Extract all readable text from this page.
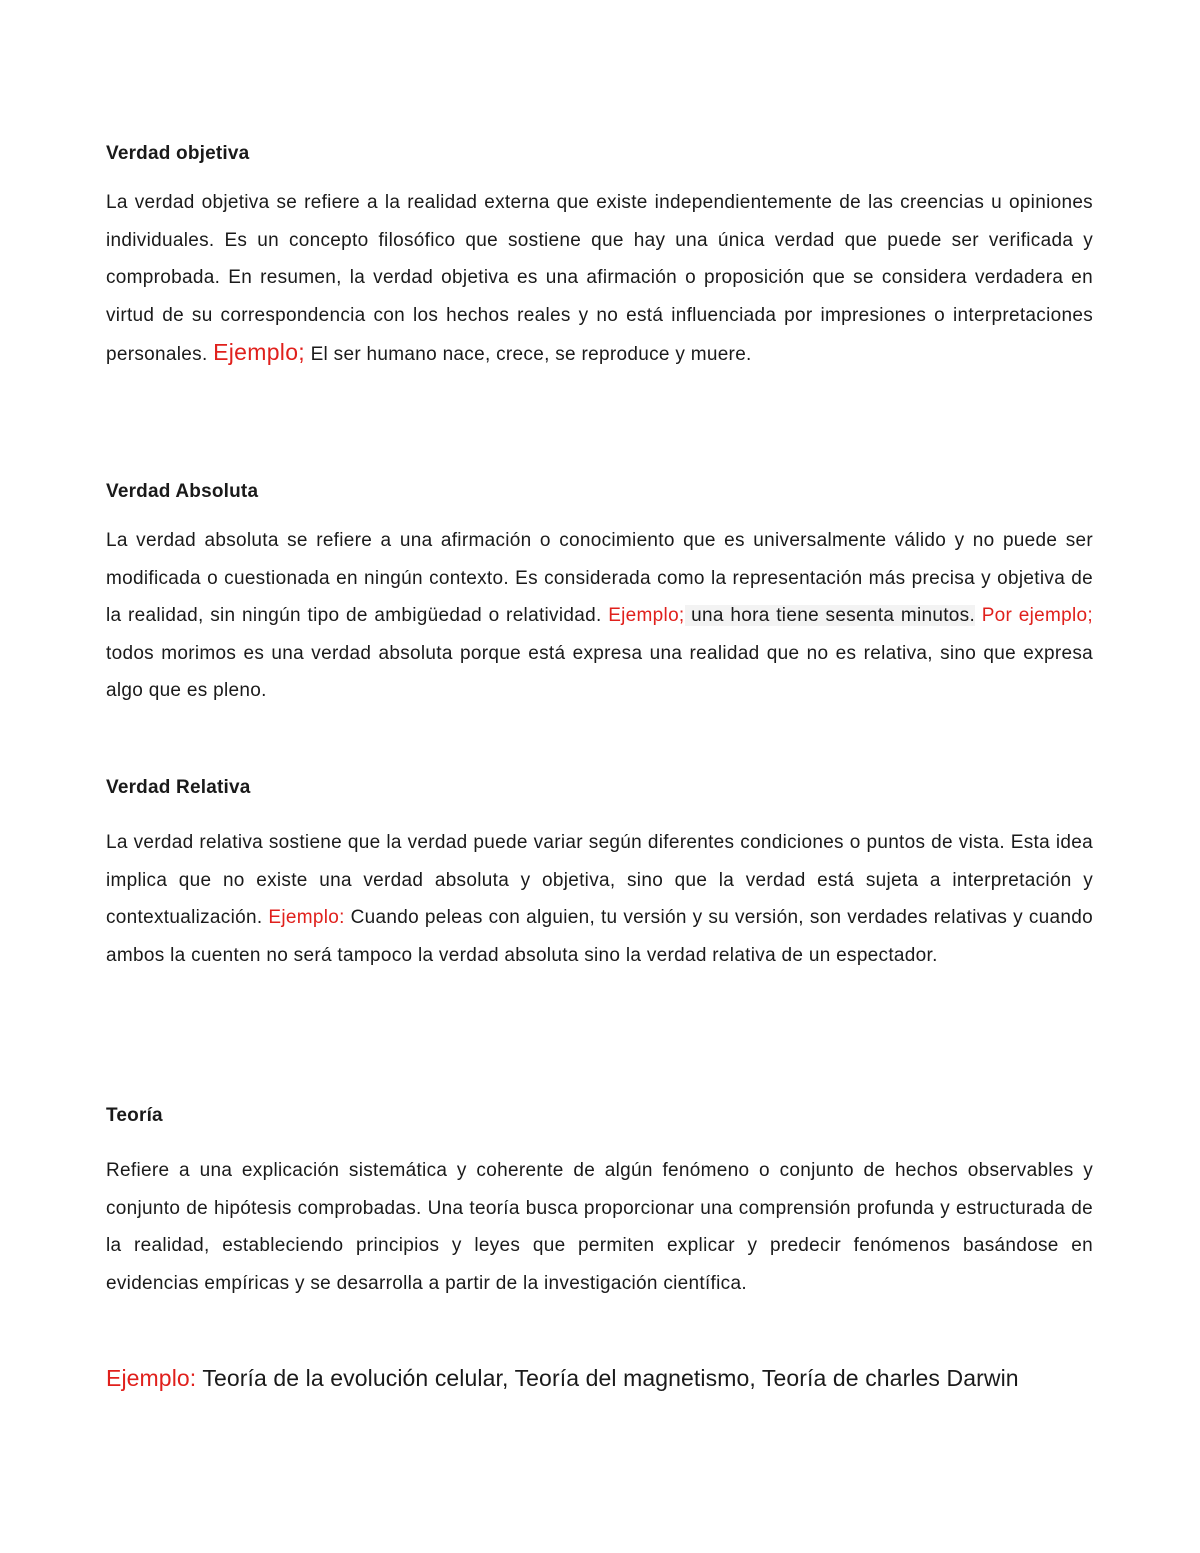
Verdad objetiva

La verdad objetiva se refiere a la realidad externa que existe independientemente de las creencias u opiniones individuales. Es un concepto filosófico que sostiene que hay una única verdad que puede ser verificada y comprobada. En resumen, la verdad objetiva es una afirmación o proposición que se considera verdadera en virtud de su correspondencia con los hechos reales y no está influenciada por impresiones o interpretaciones personales. Ejemplo; El ser humano nace, crece, se reproduce y muere.

Verdad Absoluta

La verdad absoluta se refiere a una afirmación o conocimiento que es universalmente válido y no puede ser modificada o cuestionada en ningún contexto. Es considerada como la representación más precisa y objetiva de la realidad, sin ningún tipo de ambigüedad o relatividad. Ejemplo; una hora tiene sesenta minutos. Por ejemplo; todos morimos es una verdad absoluta porque está expresa una realidad que no es relativa, sino que expresa algo que es pleno.

Verdad Relativa

La verdad relativa sostiene que la verdad puede variar según diferentes condiciones o puntos de vista. Esta idea implica que no existe una verdad absoluta y objetiva, sino que la verdad está sujeta a interpretación y contextualización. Ejemplo: Cuando peleas con alguien, tu versión y su versión, son verdades relativas y cuando ambos la cuenten no será tampoco la verdad absoluta sino la verdad relativa de un espectador.

Teoría

Refiere a una explicación sistemática y coherente de algún fenómeno o conjunto de hechos observables y conjunto de hipótesis comprobadas. Una teoría busca proporcionar una comprensión profunda y estructurada de la realidad, estableciendo principios y leyes que permiten explicar y predecir fenómenos basándose en evidencias empíricas y se desarrolla a partir de la investigación científica.

Ejemplo: Teoría de la evolución celular, Teoría del magnetismo, Teoría de charles Darwin
